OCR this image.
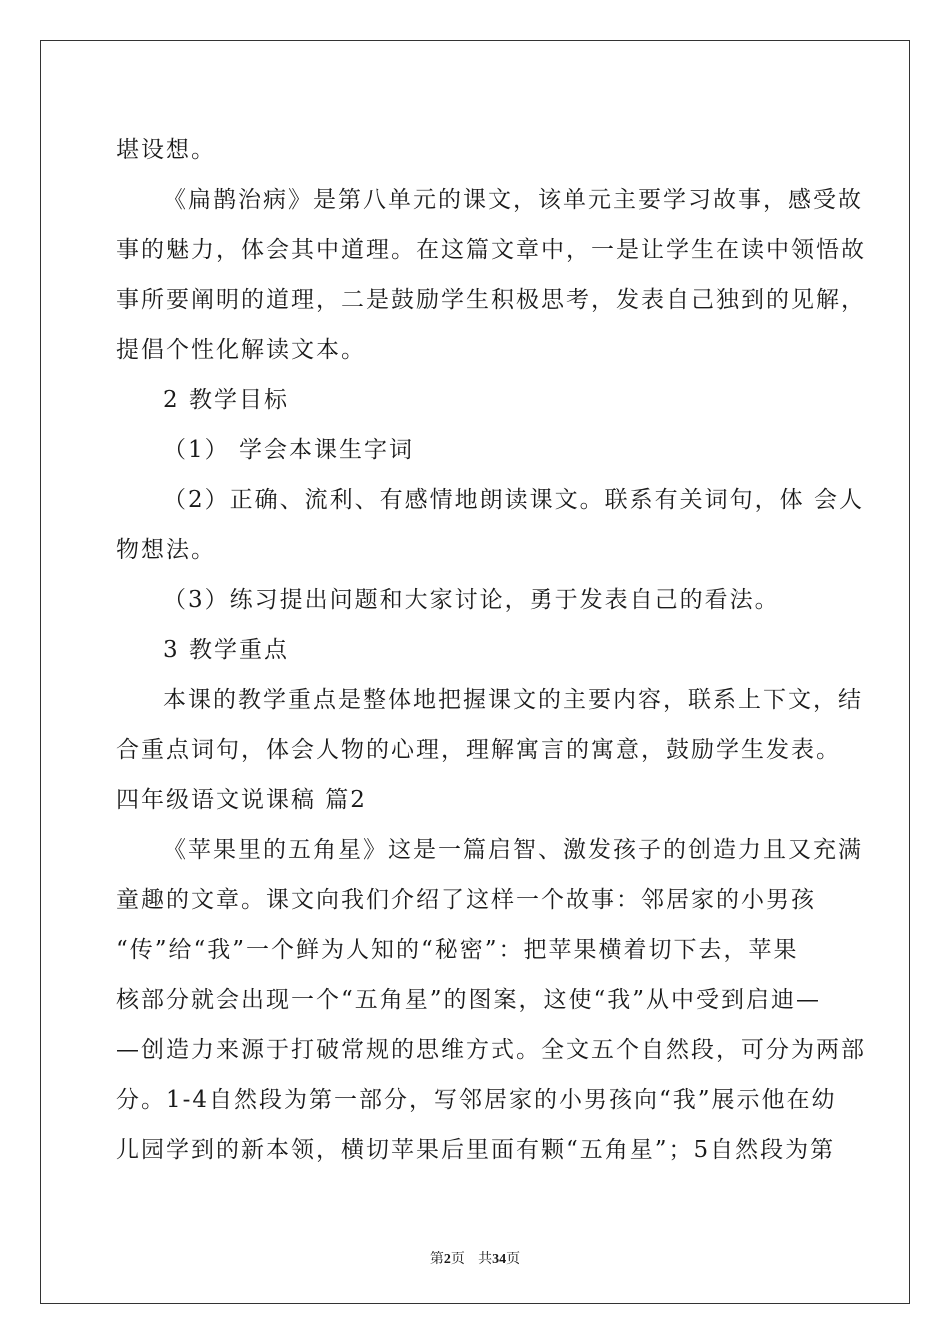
堪设想。
《扁鹊治病》是第八单元的课文，该单元主要学习故事，感受故
事的魅力，体会其中道理。在这篇文章中，一是让学生在读中领悟故
事所要阐明的道理，二是鼓励学生积极思考，发表自己独到的见解，
提倡个性化解读文本。
2 教学目标
（1） 学会本课生字词
（2）正确、流利、有感情地朗读课文。联系有关词句，体 会人
物想法。
（3）练习提出问题和大家讨论，勇于发表自己的看法。
3 教学重点
本课的教学重点是整体地把握课文的主要内容，联系上下文，结
合重点词句，体会人物的心理，理解寓言的寓意，鼓励学生发表。
四年级语文说课稿 篇2
《苹果里的五角星》这是一篇启智、激发孩子的创造力且又充满
童趣的文章。课文向我们介绍了这样一个故事：邻居家的小男孩
“传”给“我”一个鲜为人知的“秘密”：把苹果横着切下去，苹果
核部分就会出现一个“五角星”的图案，这使“我”从中受到启迪—
—创造力来源于打破常规的思维方式。全文五个自然段，可分为两部
分。1-4自然段为第一部分，写邻居家的小男孩向“我”展示他在幼
儿园学到的新本领，横切苹果后里面有颗“五角星”；5自然段为第
第2页 共34页
